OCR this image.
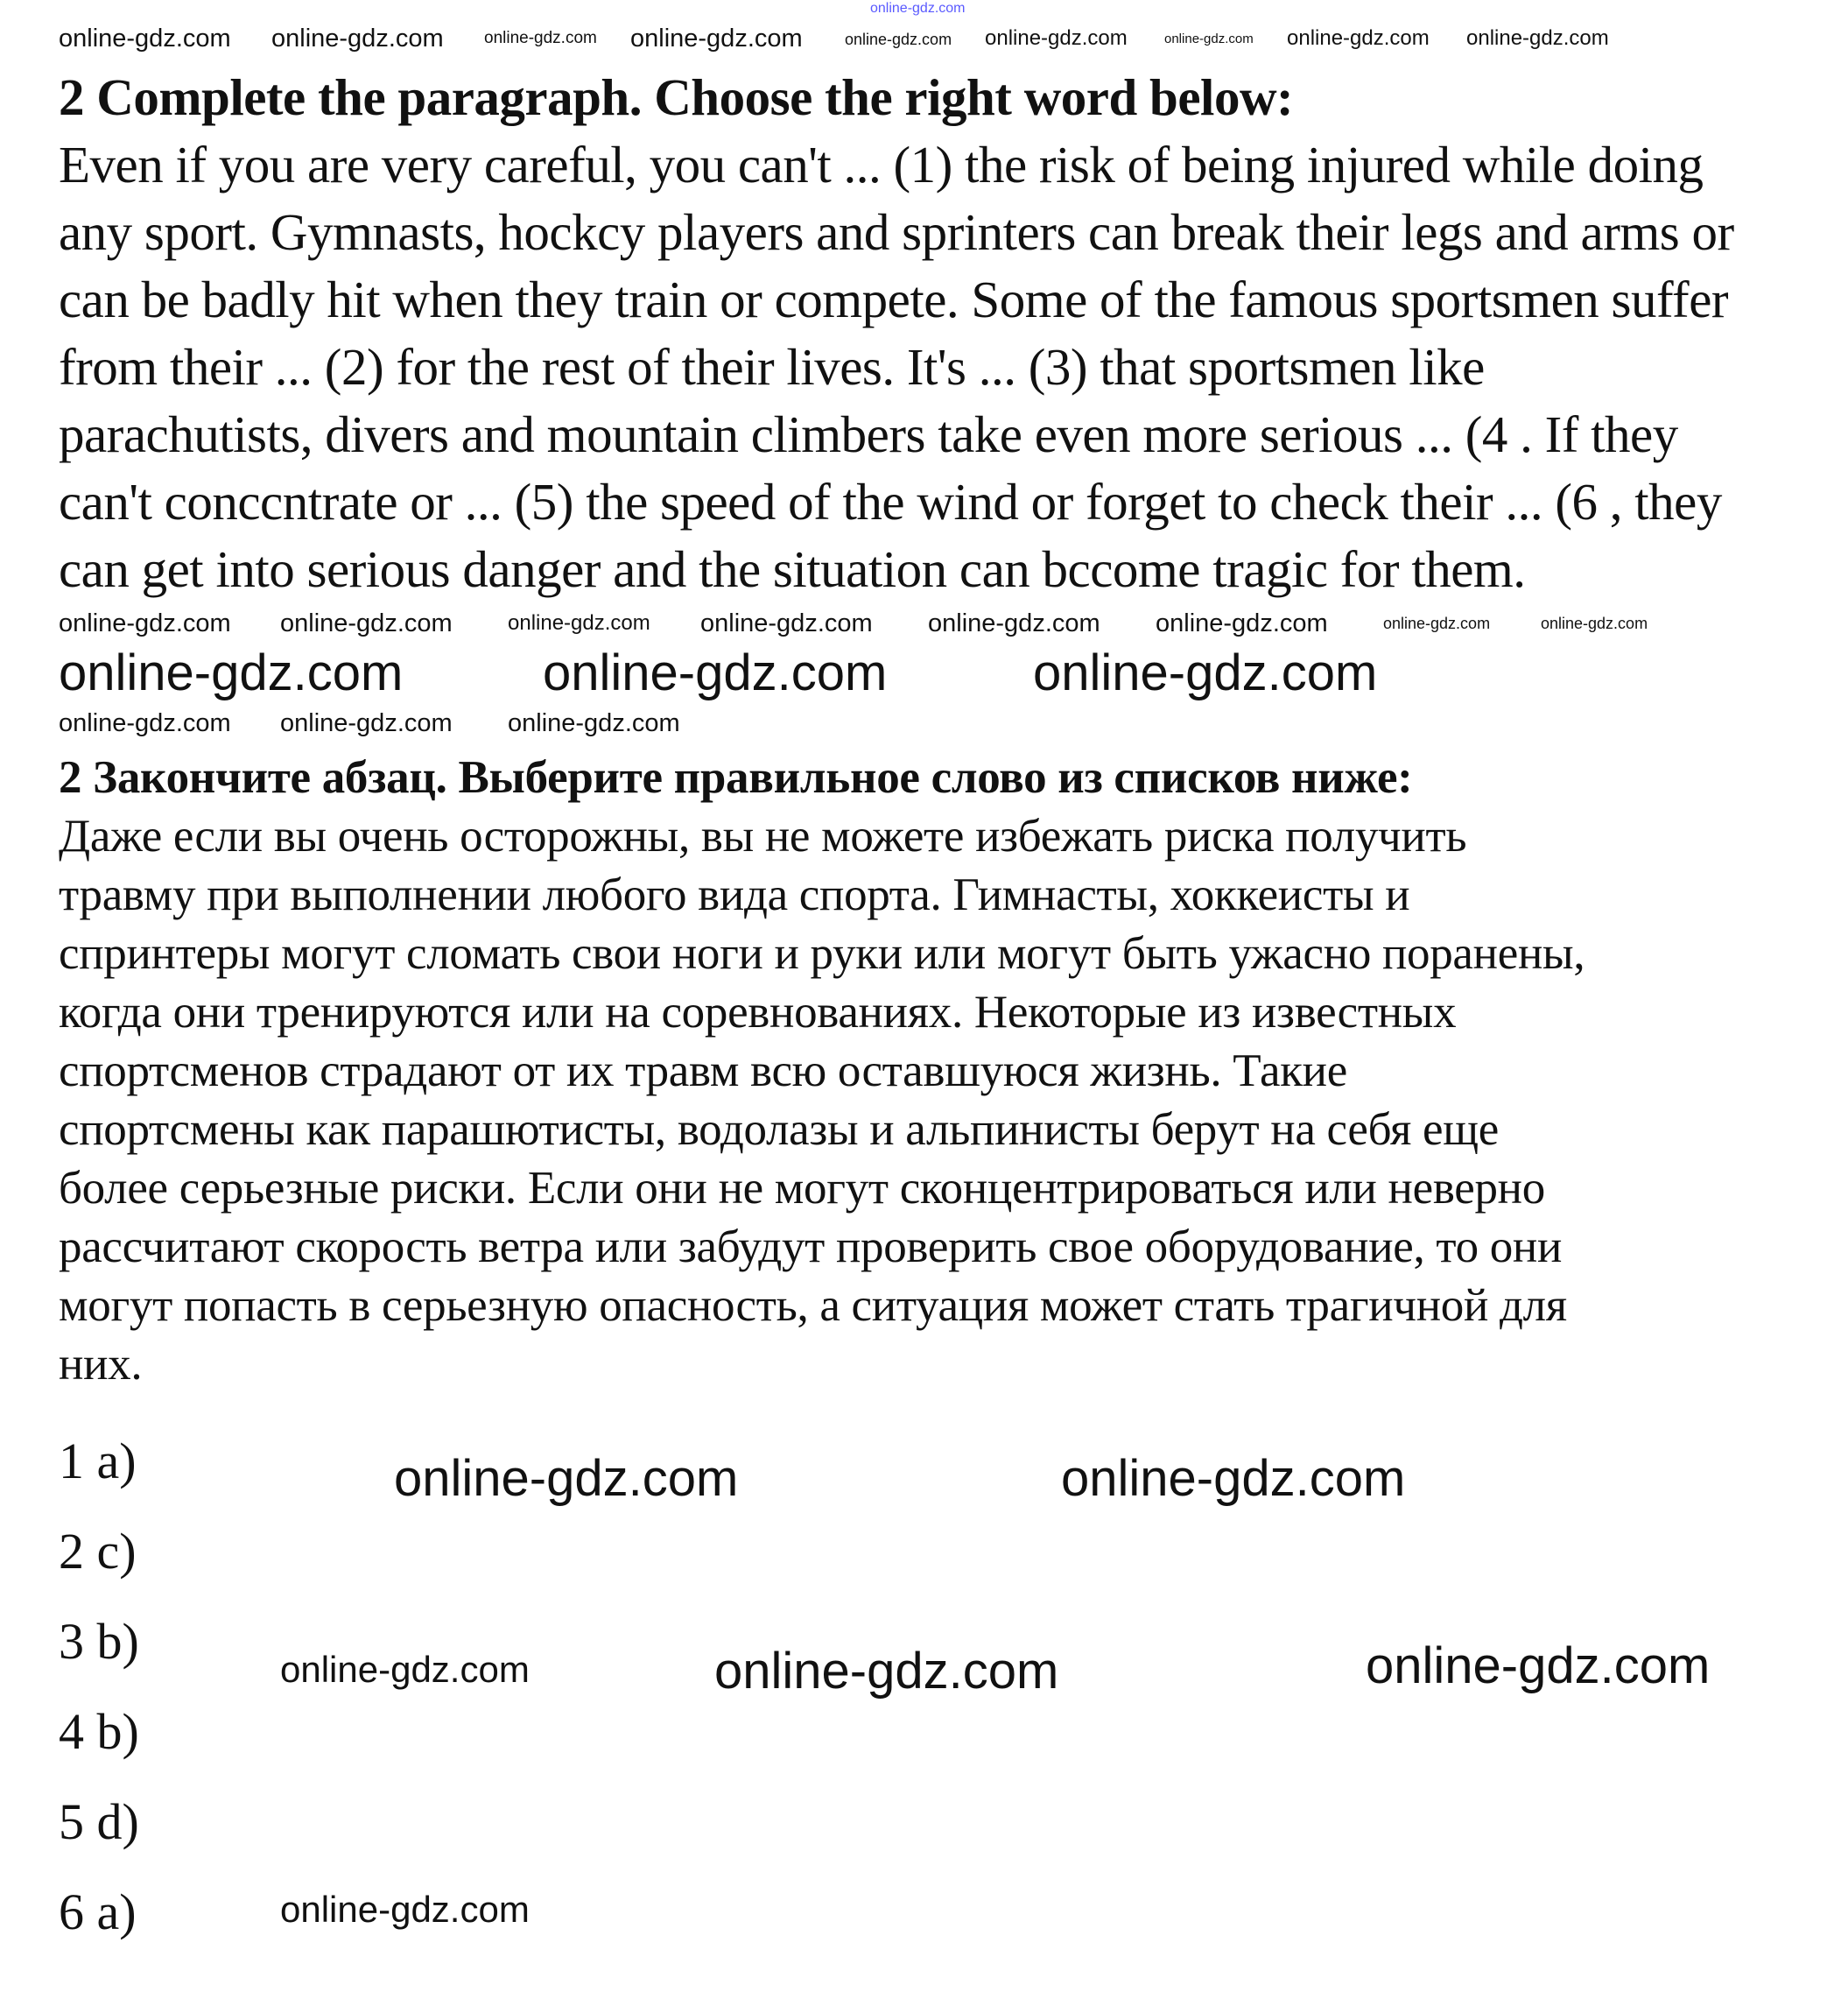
2 Complete the paragraph. Choose the right word below:
Even if you are very careful, you can't ... (1) the risk of being injured while doing
any sport. Gymnasts, hockcy players and sprinters can break their legs and arms or
can be badly hit when they train or compete. Some of the famous sportsmen suffer
from their ... (2) for the rest of their lives. It's ... (3) that sportsmen like
parachutists, divers and mountain climbers take even more serious ... (4 . If they
can't conccntrate or ... (5) the speed of the wind or forget to check their ... (6 , they
can get into serious danger and the situation can bccome tragic for them.
2 Закончите абзац. Выберите правильное слово из списков ниже:
Даже если вы очень осторожны, вы не можете избежать риска получить
травму при выполнении любого вида спорта. Гимнасты, хоккеисты и
спринтеры могут сломать свои ноги и руки или могут быть ужасно поранены,
когда они тренируются или на соревнованиях. Некоторые из известных
спортсменов страдают от их травм всю оставшуюся жизнь. Такие
спортсмены как парашютисты, водолазы и альпинисты берут на себя еще
более серьезные риски. Если они не могут сконцентрироваться или неверно
рассчитают скорость ветра или забудут проверить свое оборудование, то они
могут попасть в серьезную опасность, а ситуация может стать трагичной для
них.
1 a)
2 c)
3 b)
4 b)
5 d)
6 a)
online-gdz.com
online-gdz.com online-gdz.com online-gdz.com online-gdz.com	online-gdz.com online-gdz.com	online-gdz.com online-gdz.com online-gdz.com
online-gdz.com online-gdz.com	online-gdz.com online-gdz.com online-gdz.com online-gdz.com	online-gdz.com	online-gdz.com
online-gdz.com	online-gdz.com	online-gdz.com
online-gdz.com online-gdz.com online-gdz.com
online-gdz.com	online-gdz.com
online-gdz.com	online-gdz.com	online-gdz.com
online-gdz.com
